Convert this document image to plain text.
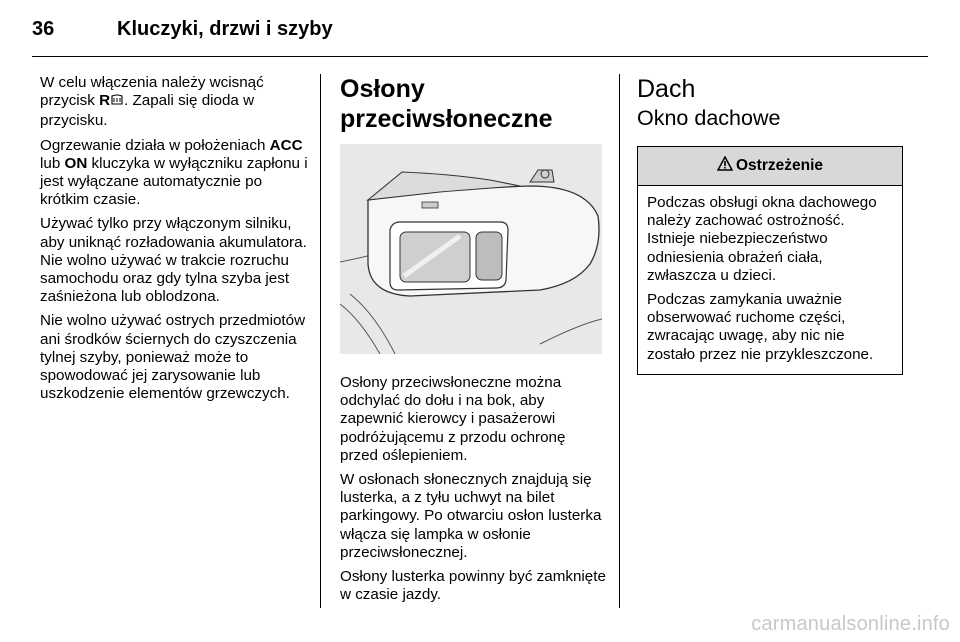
36	Kluczyki, drzwi i szyby

W celu włączenia należy wcisnąć przycisk R . Zapali się dioda w przycisku.

Ogrzewanie działa w położeniach ACC lub ON kluczyka w wyłączniku zapłonu i jest wyłączane automatycznie po krótkim czasie.

Używać tylko przy włączonym silniku, aby uniknąć rozładowania akumulatora. Nie wolno używać w trakcie rozruchu samochodu oraz gdy tylna szyba jest zaśnieżona lub oblodzona.

Nie wolno używać ostrych przedmiotów ani środków ściernych do czyszczenia tylnej szyby, ponieważ może to spowodować jej zarysowanie lub uszkodzenie elementów grzewczych.

Osłony przeciwsłoneczne

Osłony przeciwsłoneczne można odchylać do dołu i na bok, aby zapewnić kierowcy i pasażerowi podróżującemu z przodu ochronę przed oślepieniem.

W osłonach słonecznych znajdują się lusterka, a z tyłu uchwyt na bilet parkingowy. Po otwarciu osłon lusterka włącza się lampka w osłonie przeciwsłonecznej.

Osłony lusterka powinny być zamknięte w czasie jazdy.

Dach
Okno dachowe
Ostrzeżenie

Podczas obsługi okna dachowego należy zachować ostrożność. Istnieje niebezpieczeństwo odniesienia obrażeń ciała, zwłaszcza u dzieci.

Podczas zamykania uważnie obserwować ruchome części, zwracając uwagę, aby nic nie zostało przez nie przykleszczone.

carmanualsonline.info
